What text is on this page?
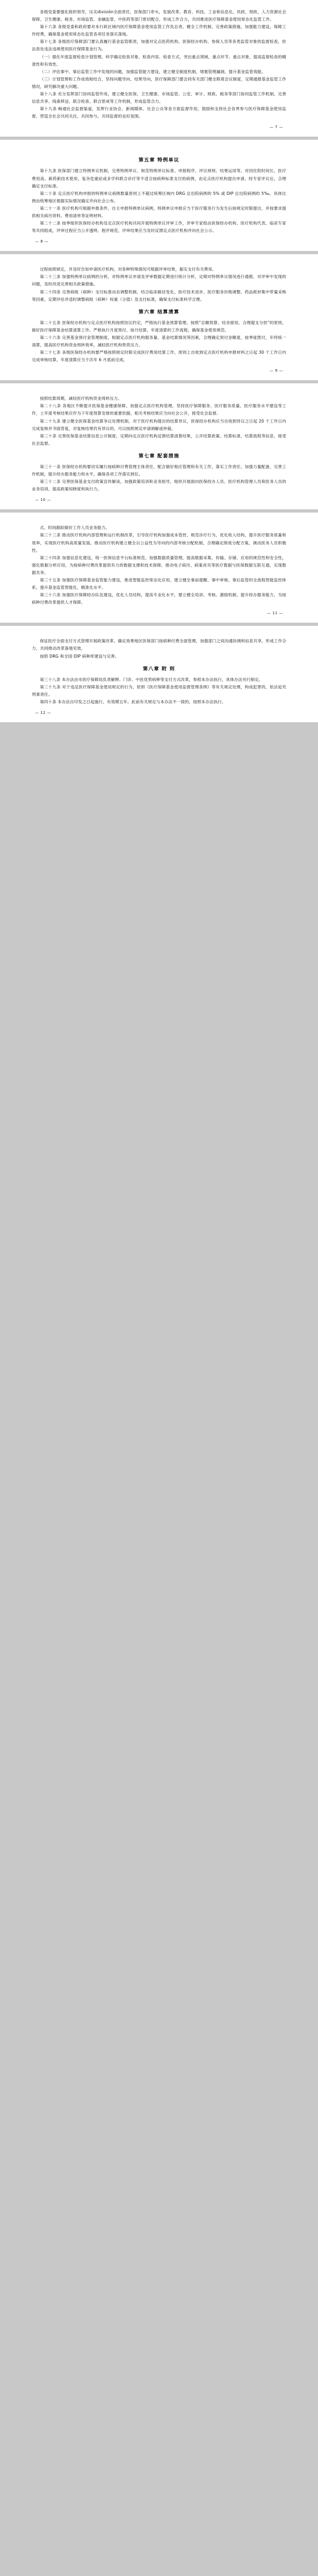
各级党委要强化组织领导，压实división全面责任，医保部门牵头，发展改革、教育、科技、工业和信息化、民政、财政、人力资源社会保障、卫生健康、税务、市场监管、金融监管、中医药等部门密切配合，形成工作合力，共同推进医疗保障基金使用常态化监管工作。

第十六条 各级党委和政府要对本行政区域内医疗保障基金使用监管工作负总责，健全工作机制，完善政策措施，加强能力建设，保障工作经费，确保基金使用常态化监管各项任务落实落地。

第十七条 各级医疗保障部门要认真履行基金监管职责，加强对定点医药机构、医保经办机构、参保人员等各类监管对象的监督检查，依法查处违法违规使用医疗保障基金行为。

（一）强化年度监督检查计划管理，科学确定检查对象、检查内容、检查方式，突出重点领域、重点环节、重点对象，提高监督检查的精准性和有效性。

（二）评估事中、事后监管工作中发现的问题，加强监管能力建设，建立健全制度机制，堵塞管理漏洞，提升基金监管效能。

（三）计划管理和工作成效相结合，坚持问题导向、结果导向，医疗保障部门要会同有关部门健全联席会议制度，定期通报基金监管工作情况，研究解决重大问题。

第十八条 充分发挥部门协同监管作用，建立健全医保、卫生健康、市场监管、公安、审计、财政、税务等部门协同监管工作机制，完善信息共享、线索移送、联合检查、联合惩戒等工作机制，形成监管合力。

第十九条 畅通社会监督渠道，发挥行业协会、新闻媒体、社会公众等各方面监督作用，鼓励和支持社会各界参与医疗保障基金使用监督，营造全社会共同关注、共同参与、共同监督的良好氛围。

— 7 —
第五章 特例单议

第十九条 医保部门建立特例单议机制，完善特例单议、规范特例单议标准、申报程序、评议规则、结果运用等，对因住院时间长、医疗费用高、新药新技术使用、复杂危重症或多学科联合诊疗等不适合按病种标准支付的病例，由定点医疗机构提出申请，经专家评议后，合理确定支付标准。

第二十条 定点医疗机构申报的特例单议病例数量原则上不超过统筹区域内 DRG 总出院病例的 5% 或 DIP 总出院病例的 5‰，具体比例由统筹地区根据实际情况确定并向社会公布。

第二十一条 医疗机构可根据申报条件，自主申报特例单议病例，特例单议申报应当于医疗服务行为发生后按规定时限提出，并按要求提供相关病历资料、费用清单等证明材料。

第二十二条 按季组织医保经办机构及定点医疗机构共同开展特例单议评审工作，评审专家组由医保经办机构、医疗机构代表、临床专家等共同组成，评审过程应当公开透明、程序规范，评审结果应当及时反馈定点医疗机构并向社会公示。

— 8 —

过程按照规定，并及时告知申请医疗机构，对各种特殊情况可根据评审结果，据实支付有关费用。

第二十三条 加强特例单议病例的分析，对特例单议申请及评审数据定期进行统计分析，定期对特例单议情况进行通报，对评审中发现的问题，及时改进完善相关政策措施。

第二十四条 完善病组（病种）支付标准动态调整机制，结合临床路径变化、医疗技术进步、医疗服务价格调整、药品耗材集中带量采购等因素，定期评估并适时调整病组（病种）权重（分值）及支付标准，确保支付标准科学合理。

第六章 结算清算

第二十五条 医保经办机构与定点医疗机构按照协议约定，严格执行基金预算管理，按照“总额预算、结余留用、合理超支分担”的原则，做好医疗保障基金结算清算工作。严格执行月度预付、按月结算、年度清算的工作流程，确保基金使用规范。

第二十六条 完善基金预付金管理制度，根据定点医疗机构服务量、基金结算情况等因素，合理确定预付金额度，按季度拨付，年终统一清算，提高医疗机构资金周转效率，减轻医疗机构垫资压力。

第二十七条 各级医保经办机构要严格按照规定时限完成医疗费用结算工作，原则上自收到定点医疗机构申报材料之日起 30 个工作日内完成审核结算，年度清算应当于次年 6 月底前完成。

— 9 —

按照结算周期，减轻医疗机构资金周转压力。

第二十八条 各地区不断提升医保基金健康保障、加强定点医疗机构管理，坚持医疗保障服务、医疗服务质量、医疗服务水平建设等工作，上年度考核结果应作为下年度预算安排的重要依据，相关考核结果应当向社会公开，接受社会监督。

第二十九条 建立健全医保基金结算争议处理机制，对于医疗机构提出的结算异议，医保经办机构应当自收到异议之日起 20 个工作日内完成复核并书面答复，对复核结果仍有异议的，可以按照规定申请调解或仲裁。

第三十条 完善医保基金结算信息公开制度，定期向定点医疗机构反馈结算清算结果，公开结算政策、结算标准、结算流程等信息，接受社会监督。

第七章 配套措施

第三十一条 医保经办机构要切实履行按病种付费管理主体责任，配合做好相应管理和有关工作，落实工作责任，加强力量配备，完善工作机制，提升经办服务能力和水平，确保各项工作落实到位。

第三十二条 完善医保基金支付政策宣传解读，加强政策培训和业务指导，组织开展面向医保经办人员、医疗机构管理人员和医务人员的业务培训，提高政策知晓度和执行力。

— 10 —

式、时间跟踪做好工作人员业务能力。

第三十三条 推动医疗机构内部管理和运行机制改革，引导医疗机构加强成本管控、规范诊疗行为、优化收入结构，提升医疗服务质量和效率，实现医疗机构高质量发展。推动医疗机构建立健全以公益性为导向的内部考核分配机制，合理确定绩效分配方案，调动医务人员积极性。

第三十四条 加强信息化建设，统一医保信息平台标准规范，加强数据质量管理，提高数据采集、传输、存储、应用的规范性和安全性，强化数据分析应用，为按病种付费改革提供有力的数据支撑和技术保障。推动电子病历、病案首页等医疗数据与医保数据互联互通，实现数据共享。

第三十五条 加强医疗保障基金监管能力建设，推进智能监控常态化应用，建立健全事前提醒、事中审核、事后监管的全流程智能监控体系，提升基金监管智能化、精准化水平。

第三十六条 加强医疗保障经办队伍建设，优化人员结构，提高专业化水平，建立健全培训、考核、激励机制，提升经办服务能力，为按病种付费改革提供人才保障。

— 11 —

保证医疗全面支付方式管理开展政策改革、确定效果地区医保部门按病种付费全面管理，加强部门之间沟通协调和信息共享，形成工作合力，共同推动改革落地见效。

按照 DRG 和全国 DIP 病种库建设与完善。

第八章 附 则

第三十八条 本办法由市医疗保障局负责解释。门诊、中医优势病种等支付方式改革，参照本办法执行，具体办法另行制定。

第三十九条 对于违反医疗保障基金使用规定的行为，依照《医疗保障基金使用监督管理条例》等有关规定处理，构成犯罪的，依法追究刑事责任。

第四十条 本办法自印发之日起施行，有效期五年。此前有关规定与本办法不一致的，按照本办法执行。

— 12 —
